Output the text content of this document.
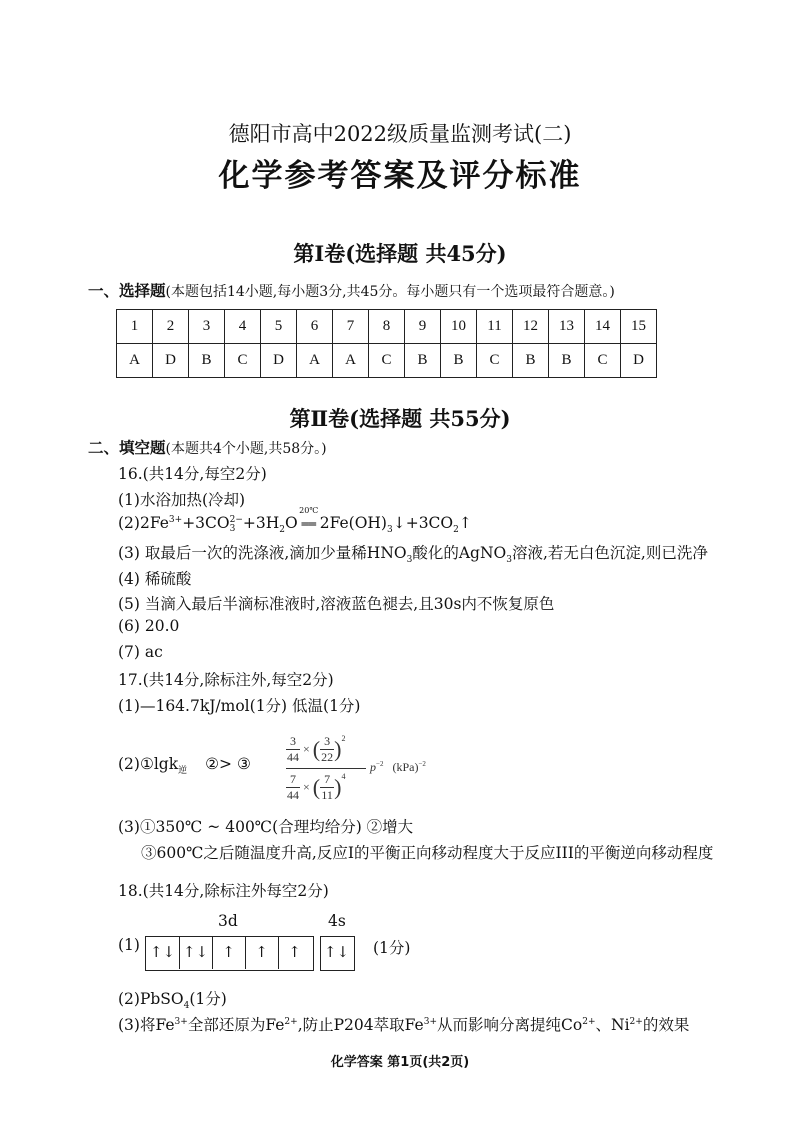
德阳市高中2022级质量监测考试(二)
化学参考答案及评分标准
第Ⅰ卷(选择题 共45分)
一、选择题(本题包括14小题,每小题3分,共45分。每小题只有一个选项最符合题意。)
1	2	3	4	5	6	7	8	9	10	11	12	13	14	15
A	D	B	C	D	A	A	C	B	B	C	B	B	C	D
第Ⅱ卷(选择题 共55分)
二、填空题(本题共4个小题,共58分。)
16.(共14分,每空2分)
(1)水浴加热(冷却)
$(2)2Fe^{3+}+3CO^{2-}$
$3 +3H_2O$
20℃
══ $2Fe(OH)_3↓+3CO_2↑$
(3) 取最后一次的洗涤液,滴加少量稀$HNO_3$酸化的AgNO$_3$溶液,若无白色沉淀,则已洗净
(4) 稀硫酸
(5) 当滴入最后半滴标准液时,溶液蓝色褪去,且30s内不恢复原色
(6) 20.0
(7) ac
17.(共14分,除标注外,每空2分)
(1)—164.7kJ/mol(1分) 低温(1分)
(2)①lgk$_逆$ ②> ③	$\frac{3}{44}$ × ( $\frac{3}{22} )^2$
$\frac{7}{44}$ × ( $\frac{7}{11} )^4$
$p^{-2}$ (kPa)$^{-2}$
(3)①350℃ ~ 400℃(合理均给分) ②增大
③600℃之后随温度升高,反应I的平衡正向移动程度大于反应III的平衡逆向移动程度
18.(共14分,除标注外每空2分)
3d	4s
(1) ↑↓ ↑↓ ↑	↑	↑	↑↓ (1分)
(2)PbSO$_4$(1分)
(3)将$Fe^{3+}$全部还原为$Fe^{2+}$,防止P204萃取$Fe^{3+}$从而影响分离提纯$Co^{2+}$、$Ni^{2+}$的效果
化学答案 第1页(共2页)
